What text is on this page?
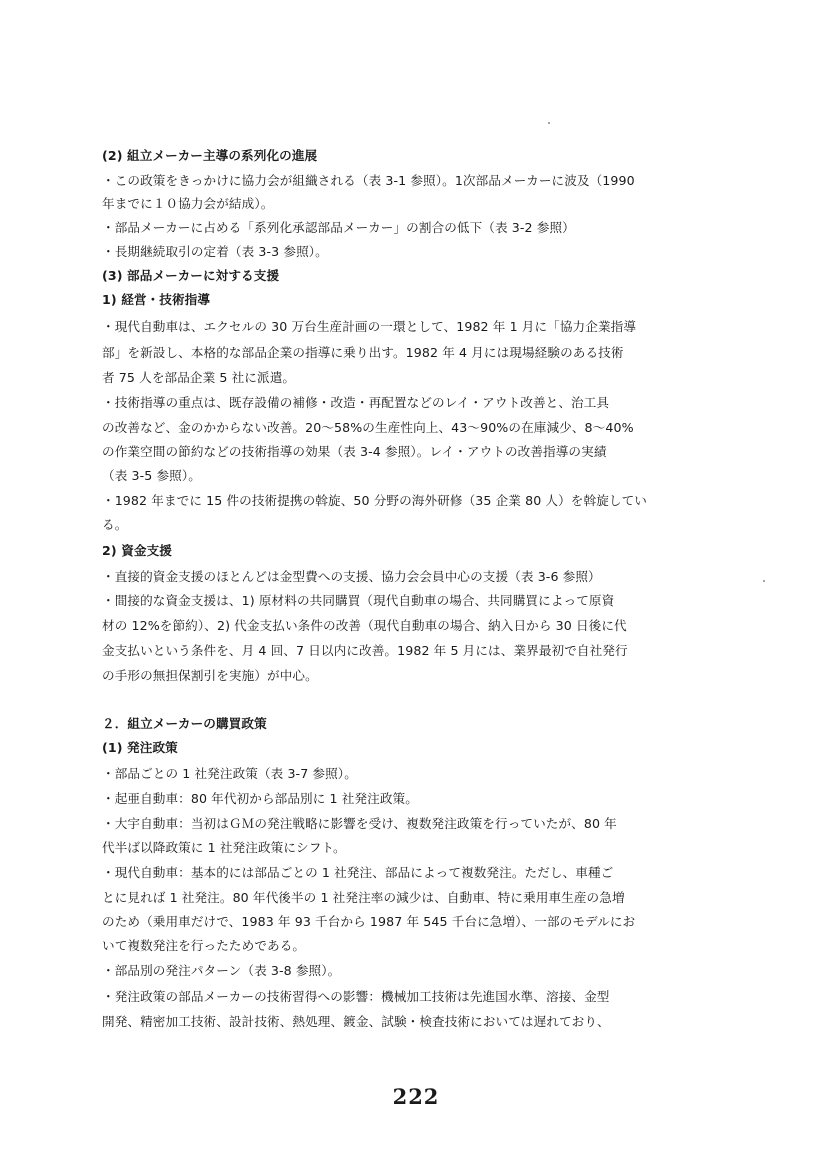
(2) 組立メーカー主導の系列化の進展
・この政策をきっかけに協力会が組織される（表 3-1 参照）。1次部品メーカーに波及（1990
年までに１０協力会が結成）。
・部品メーカーに占める「系列化承認部品メーカー」の割合の低下（表 3-2 参照）
・長期継続取引の定着（表 3-3 参照）。
(3) 部品メーカーに対する支援
1) 経営・技術指導
・現代自動車は、エクセルの 30 万台生産計画の一環として、1982 年 1 月に「協力企業指導
部」を新設し、本格的な部品企業の指導に乗り出す。1982 年 4 月には現場経験のある技術
者 75 人を部品企業 5 社に派遣。
・技術指導の重点は、既存設備の補修・改造・再配置などのレイ・アウト改善と、治工具
の改善など、金のかからない改善。20～58%の生産性向上、43～90%の在庫減少、8～40%
の作業空間の節約などの技術指導の効果（表 3-4 参照）。レイ・アウトの改善指導の実績
（表 3-5 参照）。
・1982 年までに 15 件の技術提携の斡旋、50 分野の海外研修（35 企業 80 人）を斡旋してい
る。
2) 資金支援
・直接的資金支援のほとんどは金型費への支援、協力会会員中心の支援（表 3-6 参照）
・間接的な資金支援は、1) 原材料の共同購買（現代自動車の場合、共同購買によって原資
材の 12%を節約）、2) 代金支払い条件の改善（現代自動車の場合、納入日から 30 日後に代
金支払いという条件を、月 4 回、7 日以内に改善。1982 年 5 月には、業界最初で自社発行
の手形の無担保割引を実施）が中心。
２．組立メーカーの購買政策
(1) 発注政策
・部品ごとの 1 社発注政策（表 3-7 参照）。
・起亜自動車：80 年代初から部品別に 1 社発注政策。
・大宇自動車：当初はＧＭの発注戦略に影響を受け、複数発注政策を行っていたが、80 年
代半ば以降政策に 1 社発注政策にシフト。
・現代自動車：基本的には部品ごとの 1 社発注、部品によって複数発注。ただし、車種ご
とに見れば 1 社発注。80 年代後半の 1 社発注率の減少は、自動車、特に乗用車生産の急増
のため（乗用車だけで、1983 年 93 千台から 1987 年 545 千台に急増）、一部のモデルにお
いて複数発注を行ったためである。
・部品別の発注パターン（表 3-8 参照）。
・発注政策の部品メーカーの技術習得への影響：機械加工技術は先進国水準、溶接、金型
開発、精密加工技術、設計技術、熱処理、鍍金、試験・検査技術においては遅れており、
222
